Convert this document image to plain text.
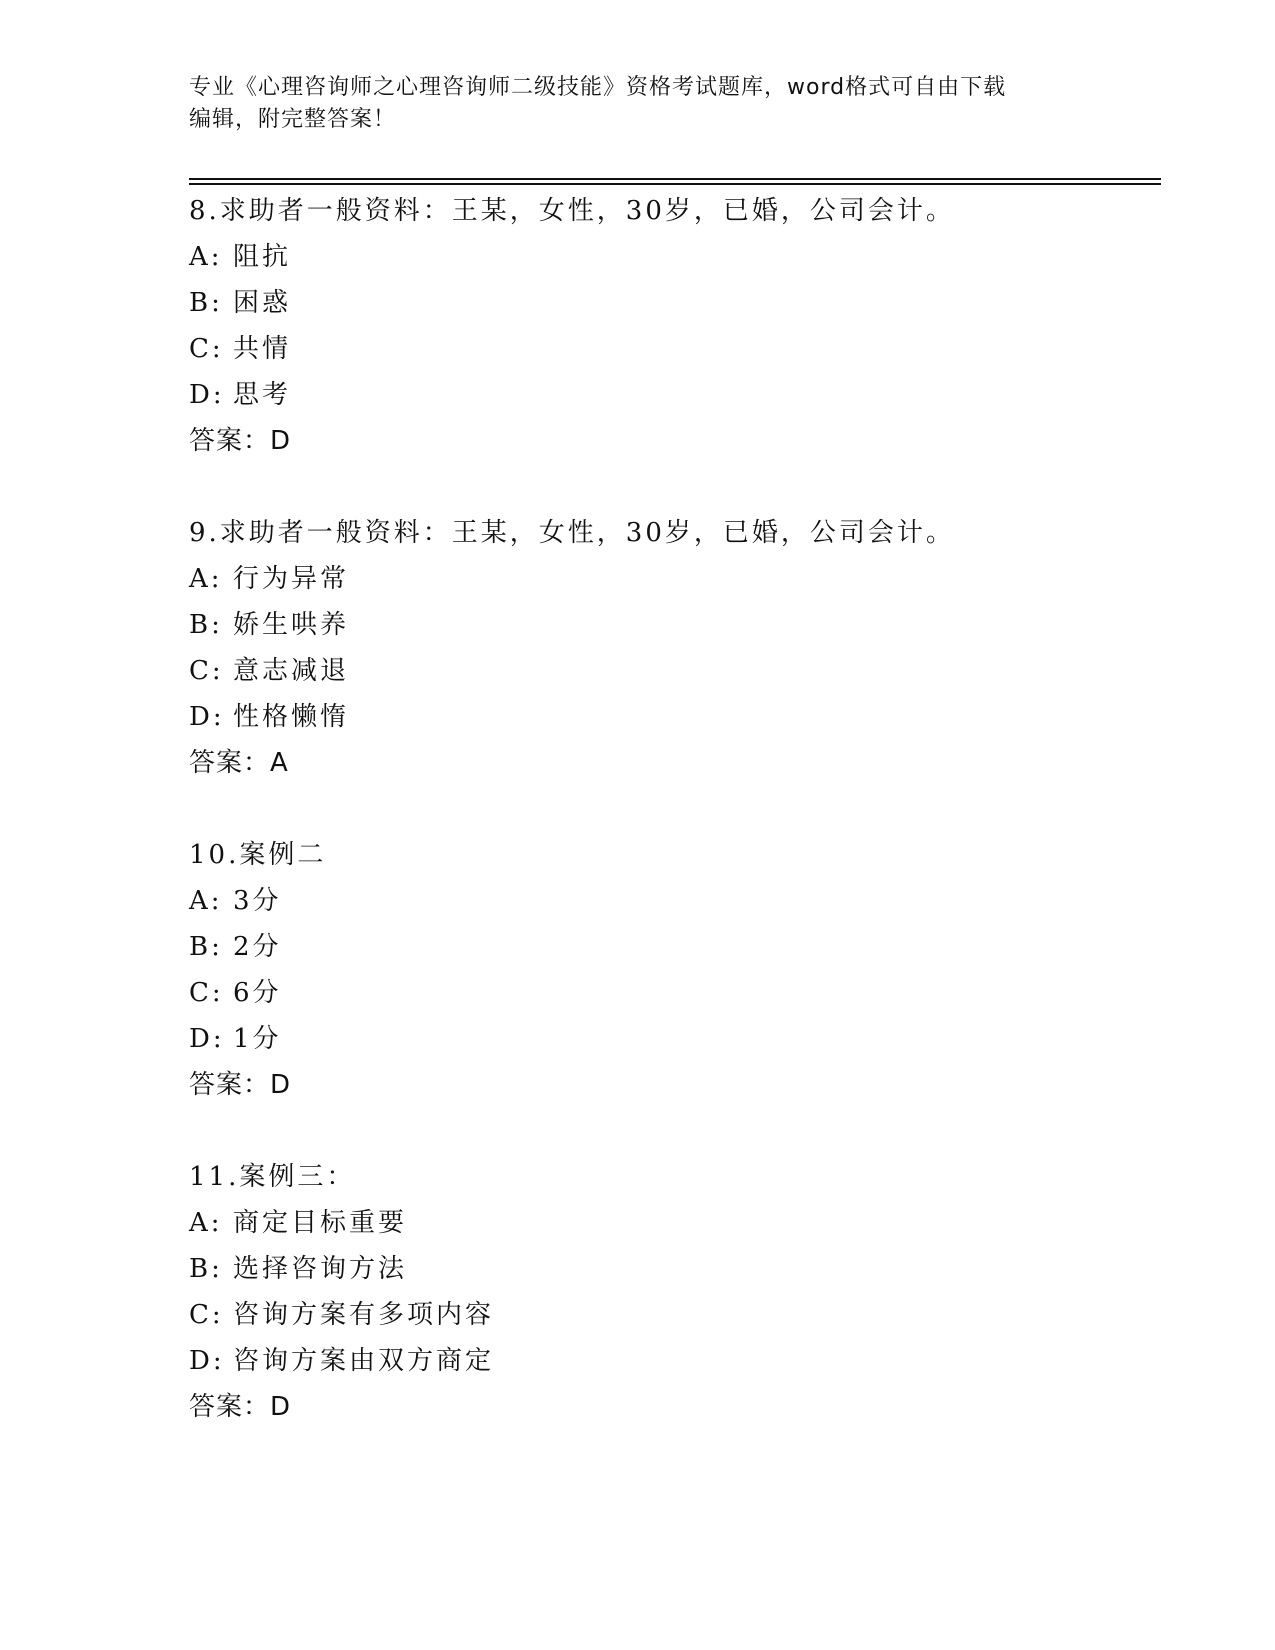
专业《心理咨询师之心理咨询师二级技能》资格考试题库，word格式可自由下载
编辑，附完整答案！
8.求助者一般资料：王某，女性，30岁，已婚，公司会计。
A: 阻抗
B: 困惑
C: 共情
D: 思考
答案：D
9.求助者一般资料：王某，女性，30岁，已婚，公司会计。
A: 行为异常
B: 娇生哄养
C: 意志减退
D: 性格懒惰
答案：A
10.案例二
A: 3分
B: 2分
C: 6分
D: 1分
答案：D
11.案例三：
A: 商定目标重要
B: 选择咨询方法
C: 咨询方案有多项内容
D: 咨询方案由双方商定
答案：D
